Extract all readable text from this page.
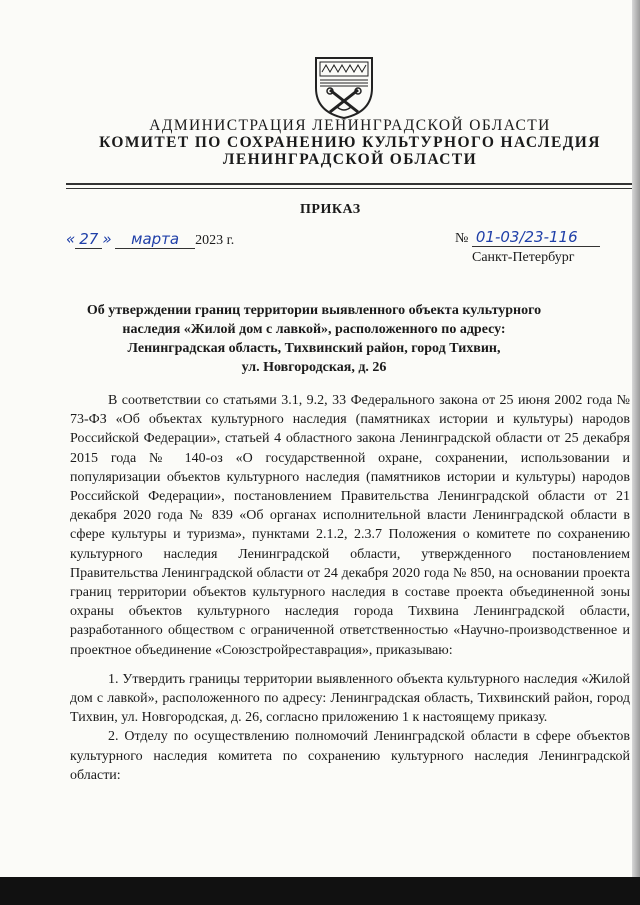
АДМИНИСТРАЦИЯ ЛЕНИНГРАДСКОЙ ОБЛАСТИ
КОМИТЕТ ПО СОХРАНЕНИЮ КУЛЬТУРНОГО НАСЛЕДИЯ
ЛЕНИНГРАДСКОЙ ОБЛАСТИ
ПРИКАЗ
« 27 » марта 2023 г.	№ 01-03/23-116
Санкт-Петербург
Об утверждении границ территории выявленного объекта культурного
наследия «Жилой дом с лавкой», расположенного по адресу:
Ленинградская область, Тихвинский район, город Тихвин,
ул. Новгородская, д. 26

В соответствии со статьями 3.1, 9.2, 33 Федерального закона от 25 июня 2002 года № 73-ФЗ «Об объектах культурного наследия (памятниках истории и культуры) народов Российской Федерации», статьей 4 областного закона Ленинградской области от 25 декабря 2015 года № 140-оз «О государственной охране, сохранении, использовании и популяризации объектов культурного наследия (памятников истории и культуры) народов Российской Федерации», постановлением Правительства Ленинградской области от 21 декабря 2020 года № 839 «Об органах исполнительной власти Ленинградской области в сфере культуры и туризма», пунктами 2.1.2, 2.3.7 Положения о комитете по сохранению культурного наследия Ленинградской области, утвержденного постановлением Правительства Ленинградской области от 24 декабря 2020 года № 850, на основании проекта границ территории объектов культурного наследия в составе проекта объединенной зоны охраны объектов культурного наследия города Тихвина Ленинградской области, разработанного обществом с ограниченной ответственностью «Научно-производственное и проектное объединение «Союзстройреставрация», приказываю:

1. Утвердить границы территории выявленного объекта культурного наследия «Жилой дом с лавкой», расположенного по адресу: Ленинградская область, Тихвинский район, город Тихвин, ул. Новгородская, д. 26, согласно приложению 1 к настоящему приказу.

2. Отделу по осуществлению полномочий Ленинградской области в сфере объектов культурного наследия комитета по сохранению культурного наследия Ленинградской области:
